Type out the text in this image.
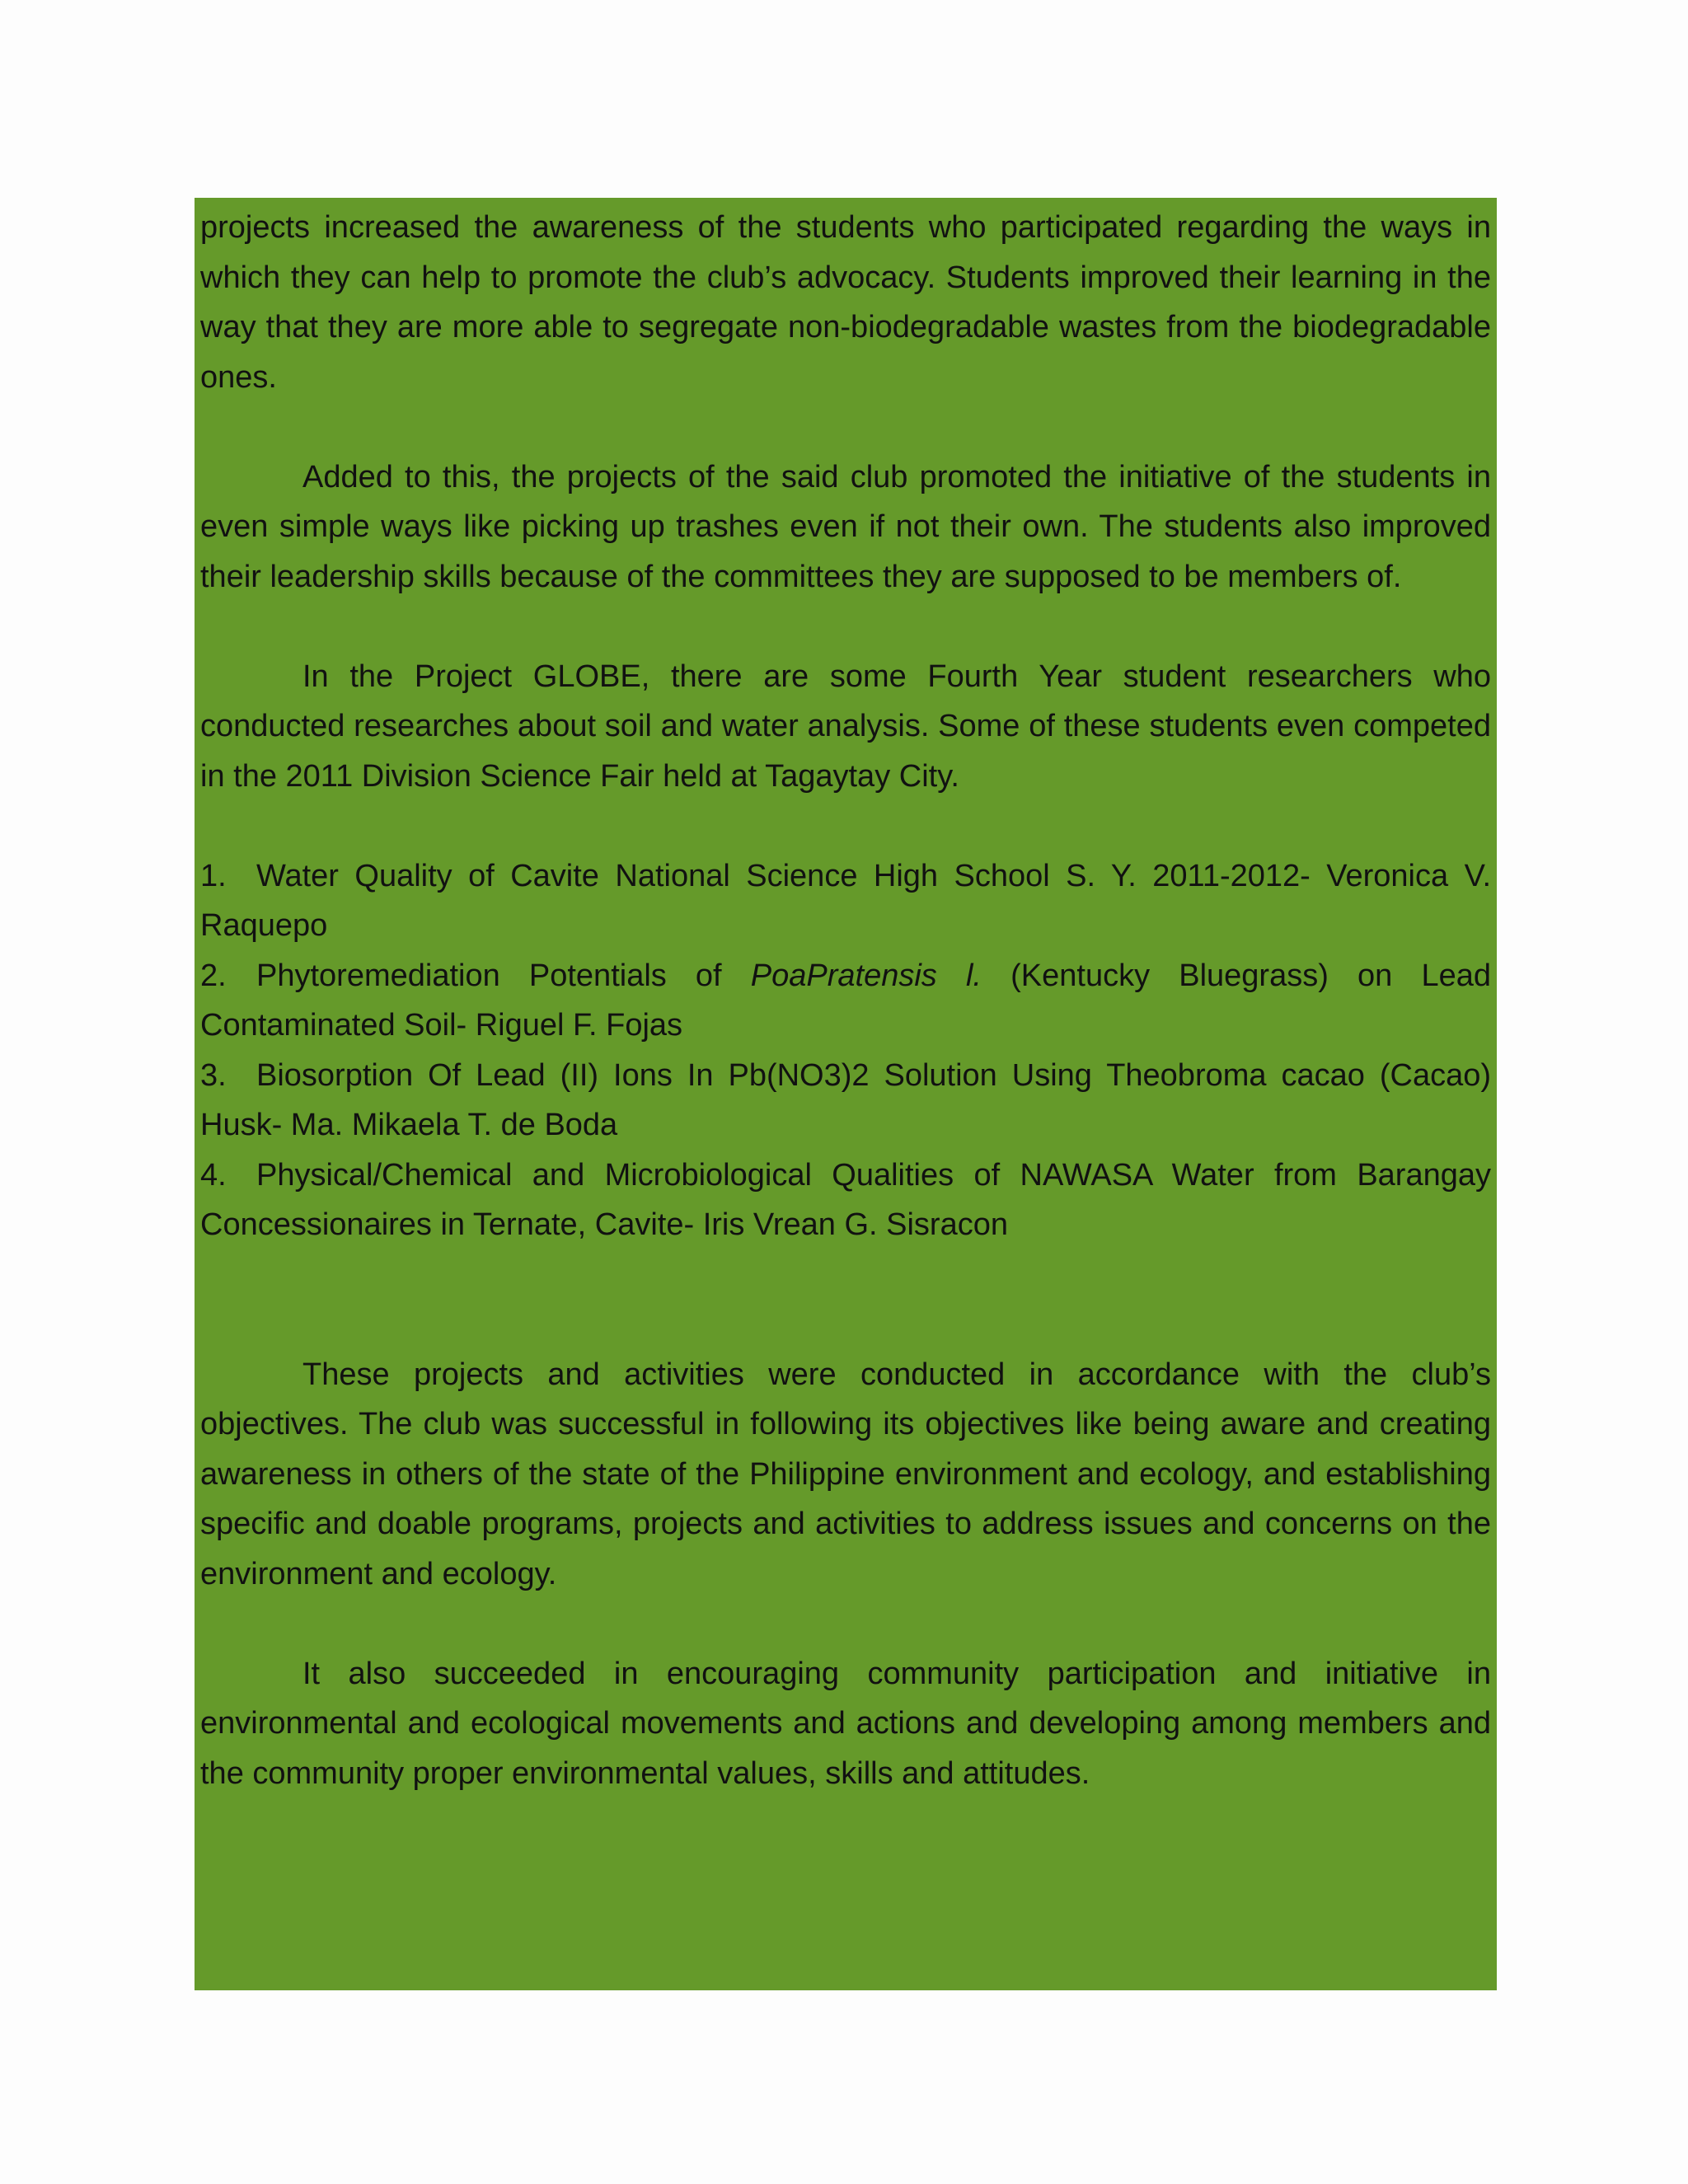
projects increased the awareness of the students who participated regarding the ways in which they can help to promote the club’s advocacy. Students improved their learning in the way that they are more able to segregate non-biodegradable wastes from the biodegradable ones.

Added to this, the projects of the said club promoted the initiative of the students in even simple ways like picking up trashes even if not their own. The students also improved their leadership skills because of the committees they are supposed to be members of.

In the Project GLOBE, there are some Fourth Year student researchers who conducted researches about soil and water analysis. Some of these students even competed in the 2011 Division Science Fair held at Tagaytay City.

1. Water Quality of Cavite National Science High School S. Y. 2011-2012- Veronica V. Raquepo
2. Phytoremediation Potentials of PoaPratensis l. (Kentucky Bluegrass) on Lead Contaminated Soil- Riguel F. Fojas
3. Biosorption Of Lead (II) Ions In Pb(NO3)2 Solution Using Theobroma cacao (Cacao) Husk- Ma. Mikaela T. de Boda
4. Physical/Chemical and Microbiological Qualities of NAWASA Water from Barangay Concessionaires in Ternate, Cavite- Iris Vrean G. Sisracon

These projects and activities were conducted in accordance with the club’s objectives. The club was successful in following its objectives like being aware and creating awareness in others of the state of the Philippine environment and ecology, and establishing specific and doable programs, projects and activities to address issues and concerns on the environment and ecology.

It also succeeded in encouraging community participation and initiative in environmental and ecological movements and actions and developing among members and the community proper environmental values, skills and attitudes.
